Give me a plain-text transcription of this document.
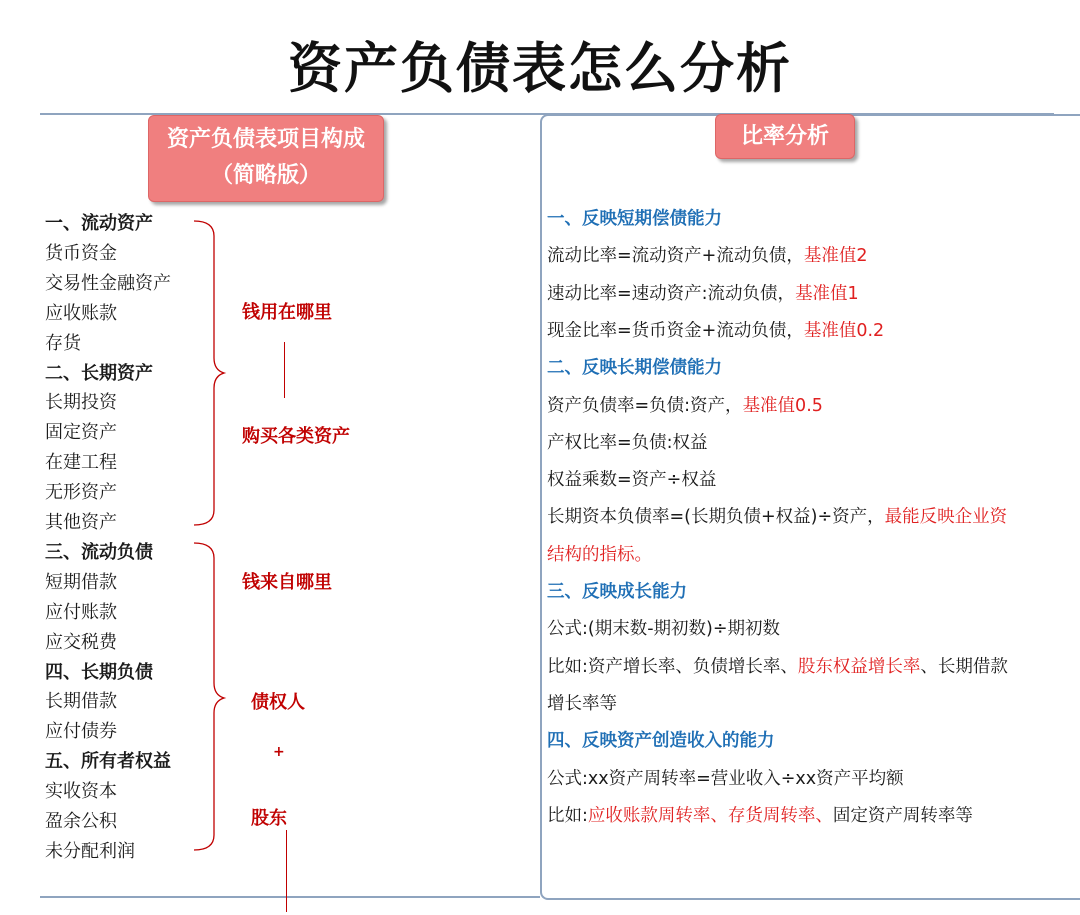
资产负债表怎么分析
资产负债表项目构成
（简略版）
比率分析
一、流动资产
货币资金
交易性金融资产
应收账款
存货
二、长期资产
长期投资
固定资产
在建工程
无形资产
其他资产
三、流动负债
短期借款
应付账款
应交税费
四、长期负债
长期借款
应付债券
五、所有者权益
实收资本
盈余公积
未分配利润
钱用在哪里
购买各类资产
钱来自哪里
债权人
+
股东
一、反映短期偿债能力
流动比率=流动资产+流动负债，基准值2
速动比率=速动资产:流动负债，基准值1
现金比率=货币资金+流动负债，基准值0.2
二、反映长期偿债能力
资产负债率=负债:资产，基准值0.5
产权比率=负债:权益
权益乘数=资产÷权益
长期资本负债率=(长期负债+权益)÷资产，最能反映企业资
结构的指标。
三、反映成长能力
公式:(期末数-期初数)÷期初数
比如:资产增长率、负债增长率、股东权益增长率、长期借款
增长率等
四、反映资产创造收入的能力
公式:xx资产周转率=营业收入÷xx资产平均额
比如:应收账款周转率、存货周转率、固定资产周转率等
